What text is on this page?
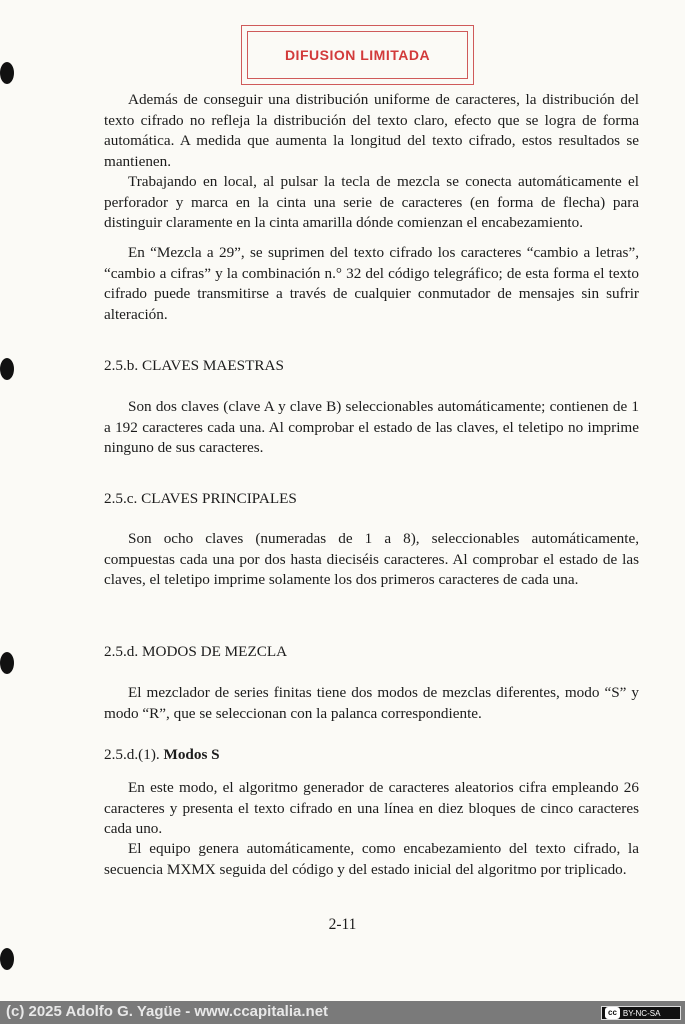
DIFUSION LIMITADA

Además de conseguir una distribución uniforme de caracteres, la distribución del texto cifrado no refleja la distribución del texto claro, efecto que se logra de forma automática. A medida que aumenta la longitud del texto cifrado, estos resultados se mantienen.

Trabajando en local, al pulsar la tecla de mezcla se conecta automáticamente el perforador y marca en la cinta una serie de caracteres (en forma de flecha) para distinguir claramente en la cinta amarilla dónde comienzan el encabezamiento.

En “Mezcla a 29”, se suprimen del texto cifrado los caracteres “cambio a letras”, “cambio a cifras” y la combinación n.° 32 del código telegráfico; de esta forma el texto cifrado puede transmitirse a través de cualquier conmutador de mensajes sin sufrir alteración.

2.5.b. CLAVES MAESTRAS

Son dos claves (clave A y clave B) seleccionables automáticamente; contienen de 1 a 192 caracteres cada una. Al comprobar el estado de las claves, el teletipo no imprime ninguno de sus caracteres.

2.5.c. CLAVES PRINCIPALES

Son ocho claves (numeradas de 1 a 8), seleccionables automáticamente, compuestas cada una por dos hasta dieciséis caracteres. Al comprobar el estado de las claves, el teletipo imprime solamente los dos primeros caracteres de cada una.

2.5.d. MODOS DE MEZCLA

El mezclador de series finitas tiene dos modos de mezclas diferentes, modo “S” y modo “R”, que se seleccionan con la palanca correspondiente.

2.5.d.(1). Modos S

En este modo, el algoritmo generador de caracteres aleatorios cifra empleando 26 caracteres y presenta el texto cifrado en una línea en diez bloques de cinco caracteres cada uno.

El equipo genera automáticamente, como encabezamiento del texto cifrado, la secuencia MXMX seguida del código y del estado inicial del algoritmo por triplicado.

2-11
(c) 2025 Adolfo G. Yagüe - www.ccapitalia.net	cc BY-NC-SA
